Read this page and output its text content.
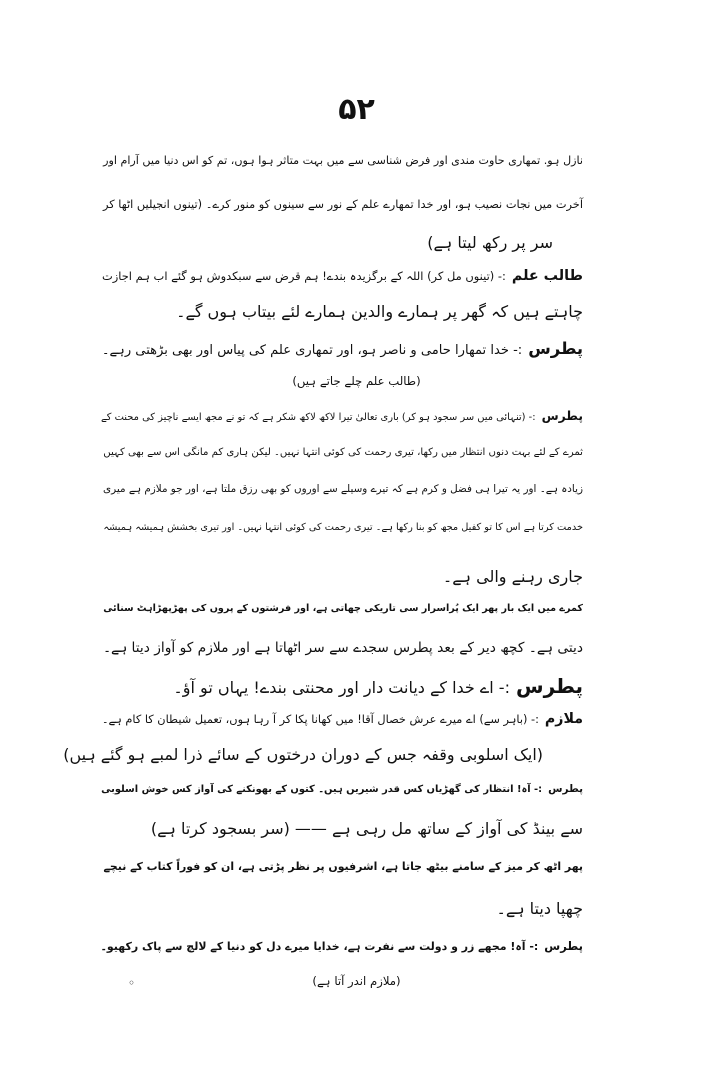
۵۲
نازل ہو. تمھاری حاوت مندی اور فرض شناسی سے میں بہت متاثر ہوا ہوں، تم کو اس دنیا میں آرام اور
آخرت میں نجات نصیب ہو، اور خدا تمھارے علم کے نور سے سینوں کو منور کرے۔ (تینوں انجیلیں اٹھا کر
سر پر رکھ لیتا ہے)
طالب علم:- (تینوں مل کر) اللہ کے برگزیدہ بندے! ہم قرض سے سبکدوش ہو گئے اب ہم اجازت
چاہتے ہیں کہ گھر پر ہمارے والدین ہمارے لئے بیتاب ہوں گے۔
پطرس:- خدا تمھارا حامی و ناصر ہو، اور تمھاری علم کی پیاس اور بھی بڑھتی رہے۔
(طالب علم چلے جاتے ہیں)
پطرس:- (تنہائی میں سر سجود ہو کر) باری تعالیٰ تیرا لاکھ لاکھ شکر ہے کہ تو نے مجھ ایسے ناچیز کی محنت کے
ثمرے کے لئے بہت دنوں انتظار میں رکھا، تیری رحمت کی کوئی انتہا نہیں۔ لیکن ہاری کم مانگی اس سے بھی کہیں
زیادہ ہے۔ اور یہ تیرا ہی فضل و کرم ہے کہ تیرے وسیلے سے اوروں کو بھی رزق ملتا ہے، اور جو ملازم ہے میری
خدمت کرتا ہے اس کا تو کفیل مجھ کو بنا رکھا ہے۔ تیری رحمت کی کوئی انتہا نہیں۔ اور تیری بخشش ہمیشہ ہمیشہ
جاری رہنے والی ہے۔
کمرے میں ایک بار پھر ایک پُراسرار سی تاریکی چھاتی ہے، اور فرشتوں کے پروں کی پھڑپھڑاہٹ سنائی
دیتی ہے۔ کچھ دیر کے بعد پطرس سجدے سے سر اٹھاتا ہے اور ملازم کو آواز دیتا ہے۔
پطرس:- اے خدا کے دیانت دار اور محنتی بندے! یہاں تو آؤ۔
ملازم:- (باہر سے) اے میرے عرش خصال آقا! میں کھانا پکا کر آ رہا ہوں، تعمیل شیطان کا کام ہے۔
(ایک اسلوبی وقفہ جس کے دوران درختوں کے سائے ذرا لمبے ہو گئے ہیں)
پطرس:- آہ! انتظار کی گھڑیاں کس قدر شیریں ہیں۔ کتوں کے بھونکنے کی آواز کس خوش اسلوبی
سے بینڈ کی آواز کے ساتھ مل رہی ہے —— (سر بسجود کرتا ہے)
پھر اٹھ کر میز کے سامنے بیٹھ جاتا ہے، اشرفیوں پر نظر پڑتی ہے، ان کو فوراً کتاب کے نیچے
چھپا دیتا ہے۔
پطرس:- آہ! مجھے زر و دولت سے نفرت ہے، خدایا میرے دل کو دنیا کے لالچ سے پاک رکھیو۔
(ملازم اندر آتا ہے)
◦
